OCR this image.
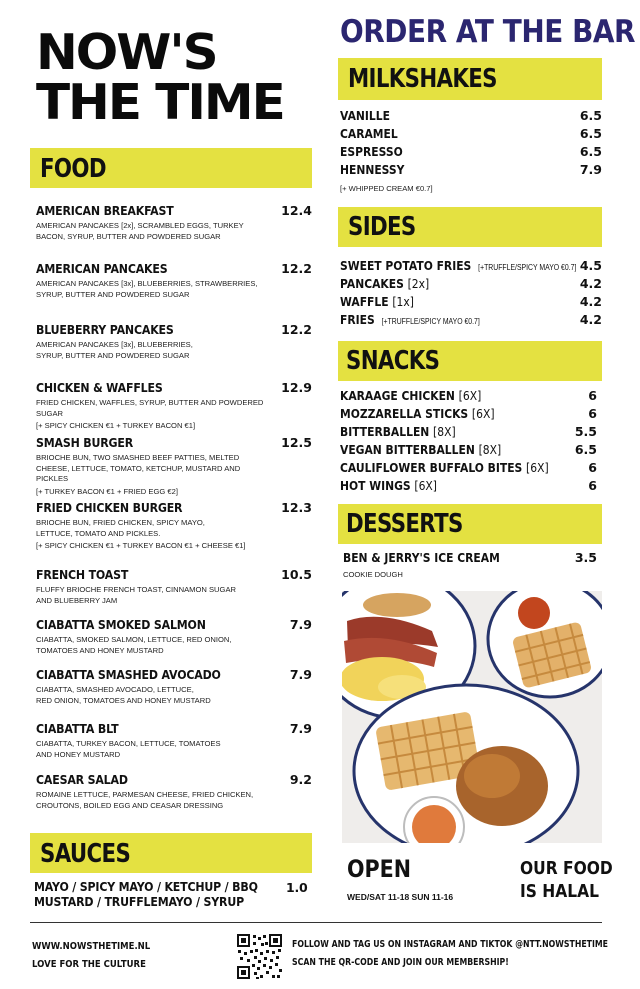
NOW'S
THE TIME
ORDER AT THE BAR
FOOD
AMERICAN BREAKFAST	12.4
AMERICAN PANCAKES [2x], SCRAMBLED EGGS, TURKEY BACON, SYRUP, BUTTER AND POWDERED SUGAR
AMERICAN PANCAKES	12.2
AMERICAN PANCAKES [3x], BLUEBERRIES, STRAWBERRIES, SYRUP, BUTTER AND POWDERED SUGAR
BLUEBERRY PANCAKES	12.2
AMERICAN PANCAKES [3x], BLUEBERRIES, SYRUP, BUTTER AND POWDERED SUGAR
CHICKEN & WAFFLES	12.9
FRIED CHICKEN, WAFFLES, SYRUP, BUTTER AND POWDERED SUGAR
[+ SPICY CHICKEN €1 + TURKEY BACON €1]
SMASH BURGER	12.5
BRIOCHE BUN, TWO SMASHED BEEF PATTIES, MELTED CHEESE, LETTUCE, TOMATO, KETCHUP, MUSTARD AND PICKLES
[+ TURKEY BACON €1 + FRIED EGG €2]
FRIED CHICKEN BURGER	12.3
BRIOCHE BUN, FRIED CHICKEN, SPICY MAYO, LETTUCE, TOMATO AND PICKLES.
[+ SPICY CHICKEN €1 + TURKEY BACON €1 + CHEESE €1]
FRENCH TOAST	10.5
FLUFFY BRIOCHE FRENCH TOAST, CINNAMON SUGAR AND BLUEBERRY JAM
CIABATTA SMOKED SALMON	7.9
CIABATTA, SMOKED SALMON, LETTUCE, RED ONION, TOMATOES AND HONEY MUSTARD
CIABATTA SMASHED AVOCADO	7.9
CIABATTA, SMASHED AVOCADO, LETTUCE, RED ONION, TOMATOES AND HONEY MUSTARD
CIABATTA BLT	7.9
CIABATTA, TURKEY BACON, LETTUCE, TOMATOES AND HONEY MUSTARD
CAESAR SALAD	9.2
ROMAINE LETTUCE, PARMESAN CHEESE, FRIED CHICKEN, CROUTONS, BOILED EGG AND CEASAR DRESSING
SAUCES
MAYO / SPICY MAYO / KETCHUP / BBQ
MUSTARD / TRUFFLEMAYO / SYRUP
1.0
MILKSHAKES
VANILLE	6.5
CARAMEL	6.5
ESPRESSO	6.5
HENNESSY	7.9
[+ WHIPPED CREAM €0.7]
SIDES
SWEET POTATO FRIES [+TRUFFLE/SPICY MAYO €0.7] 4.5
PANCAKES [2x]	4.2
WAFFLE [1x]	4.2
FRIES [+TRUFFLE/SPICY MAYO €0.7]	4.2
SNACKS
KARAAGE CHICKEN [6X]	6
MOZZARELLA STICKS [6X]	6
BITTERBALLEN [8X]	5.5
VEGAN BITTERBALLEN [8X]	6.5
CAULIFLOWER BUFFALO BITES [6X]	6
HOT WINGS [6X]	6
DESSERTS
BEN & JERRY'S ICE CREAM	3.5
COOKIE DOUGH
OPEN
WED/SAT 11-18 SUN 11-16
OUR FOOD
IS HALAL
WWW.NOWSTHETIME.NL
LOVE FOR THE CULTURE
FOLLOW AND TAG US ON INSTAGRAM AND TIKTOK @NTT.NOWSTHETIME
SCAN THE QR-CODE AND JOIN OUR MEMBERSHIP!
